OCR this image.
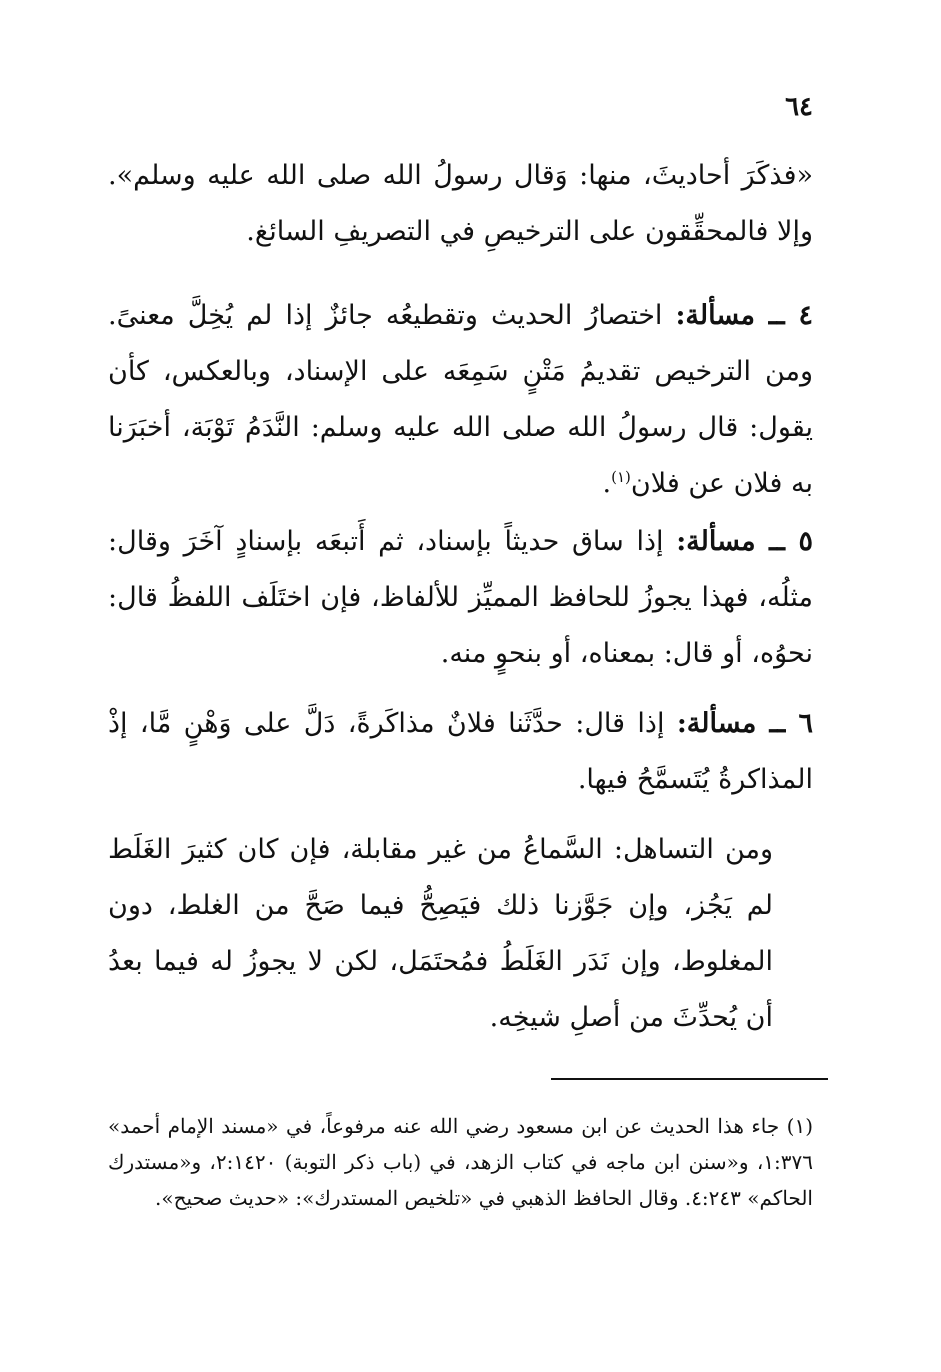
٦٤

«فذكَرَ أحاديثَ، منها: وَقال رسولُ الله صلى الله عليه وسلم». وإلا فالمحقِّقون على الترخيصِ في التصريفِ السائغ.

٤ ــ مسألة: اختصارُ الحديث وتقطيعُه جائزٌ إذا لم يُخِلَّ معنىً. ومن الترخيص تقديمُ مَتْنٍ سَمِعَه على الإسناد، وبالعكس، كأن يقول: قال رسولُ الله صلى الله عليه وسلم: النَّدَمُ تَوْبَة، أخبَرَنا به فلان عن فلان$^{(١)}$.

٥ ــ مسألة: إذا ساق حديثاً بإسناد، ثم أَتبعَه بإسنادٍ آخَرَ وقال: مثلُه، فهذا يجوزُ للحافظ المميِّز للألفاظ، فإن اختَلَف اللفظُ قال: نحوُه، أو قال: بمعناه، أو بنحوٍ منه.

٦ ــ مسألة: إذا قال: حدَّثَنا فلانٌ مذاكَرةً، دَلَّ على وَهْنٍ مَّا، إذْ المذاكرةُ يُتَسمَّحُ فيها.

ومن التساهل: السَّماعُ من غير مقابلة، فإن كان كثيرَ الغَلَط لم يَجُز، وإن جَوَّزنا ذلك فيَصِحُّ فيما صَحَّ من الغلط، دون المغلوط، وإن نَدَر الغَلَطُ فمُحتَمَل، لكن لا يجوزُ له فيما بعدُ أن يُحدِّثَ من أصلِ شيخِه.

(١) جاء هذا الحديث عن ابن مسعود رضي الله عنه مرفوعاً، في «مسند الإمام أحمد» ١:٣٧٦، و«سنن ابن ماجه في كتاب الزهد، في (باب ذكر التوبة) ٢:١٤٢٠، و«مستدرك الحاكم» ٤:٢٤٣. وقال الحافظ الذهبي في «تلخيص المستدرك»: «حديث صحيح».
